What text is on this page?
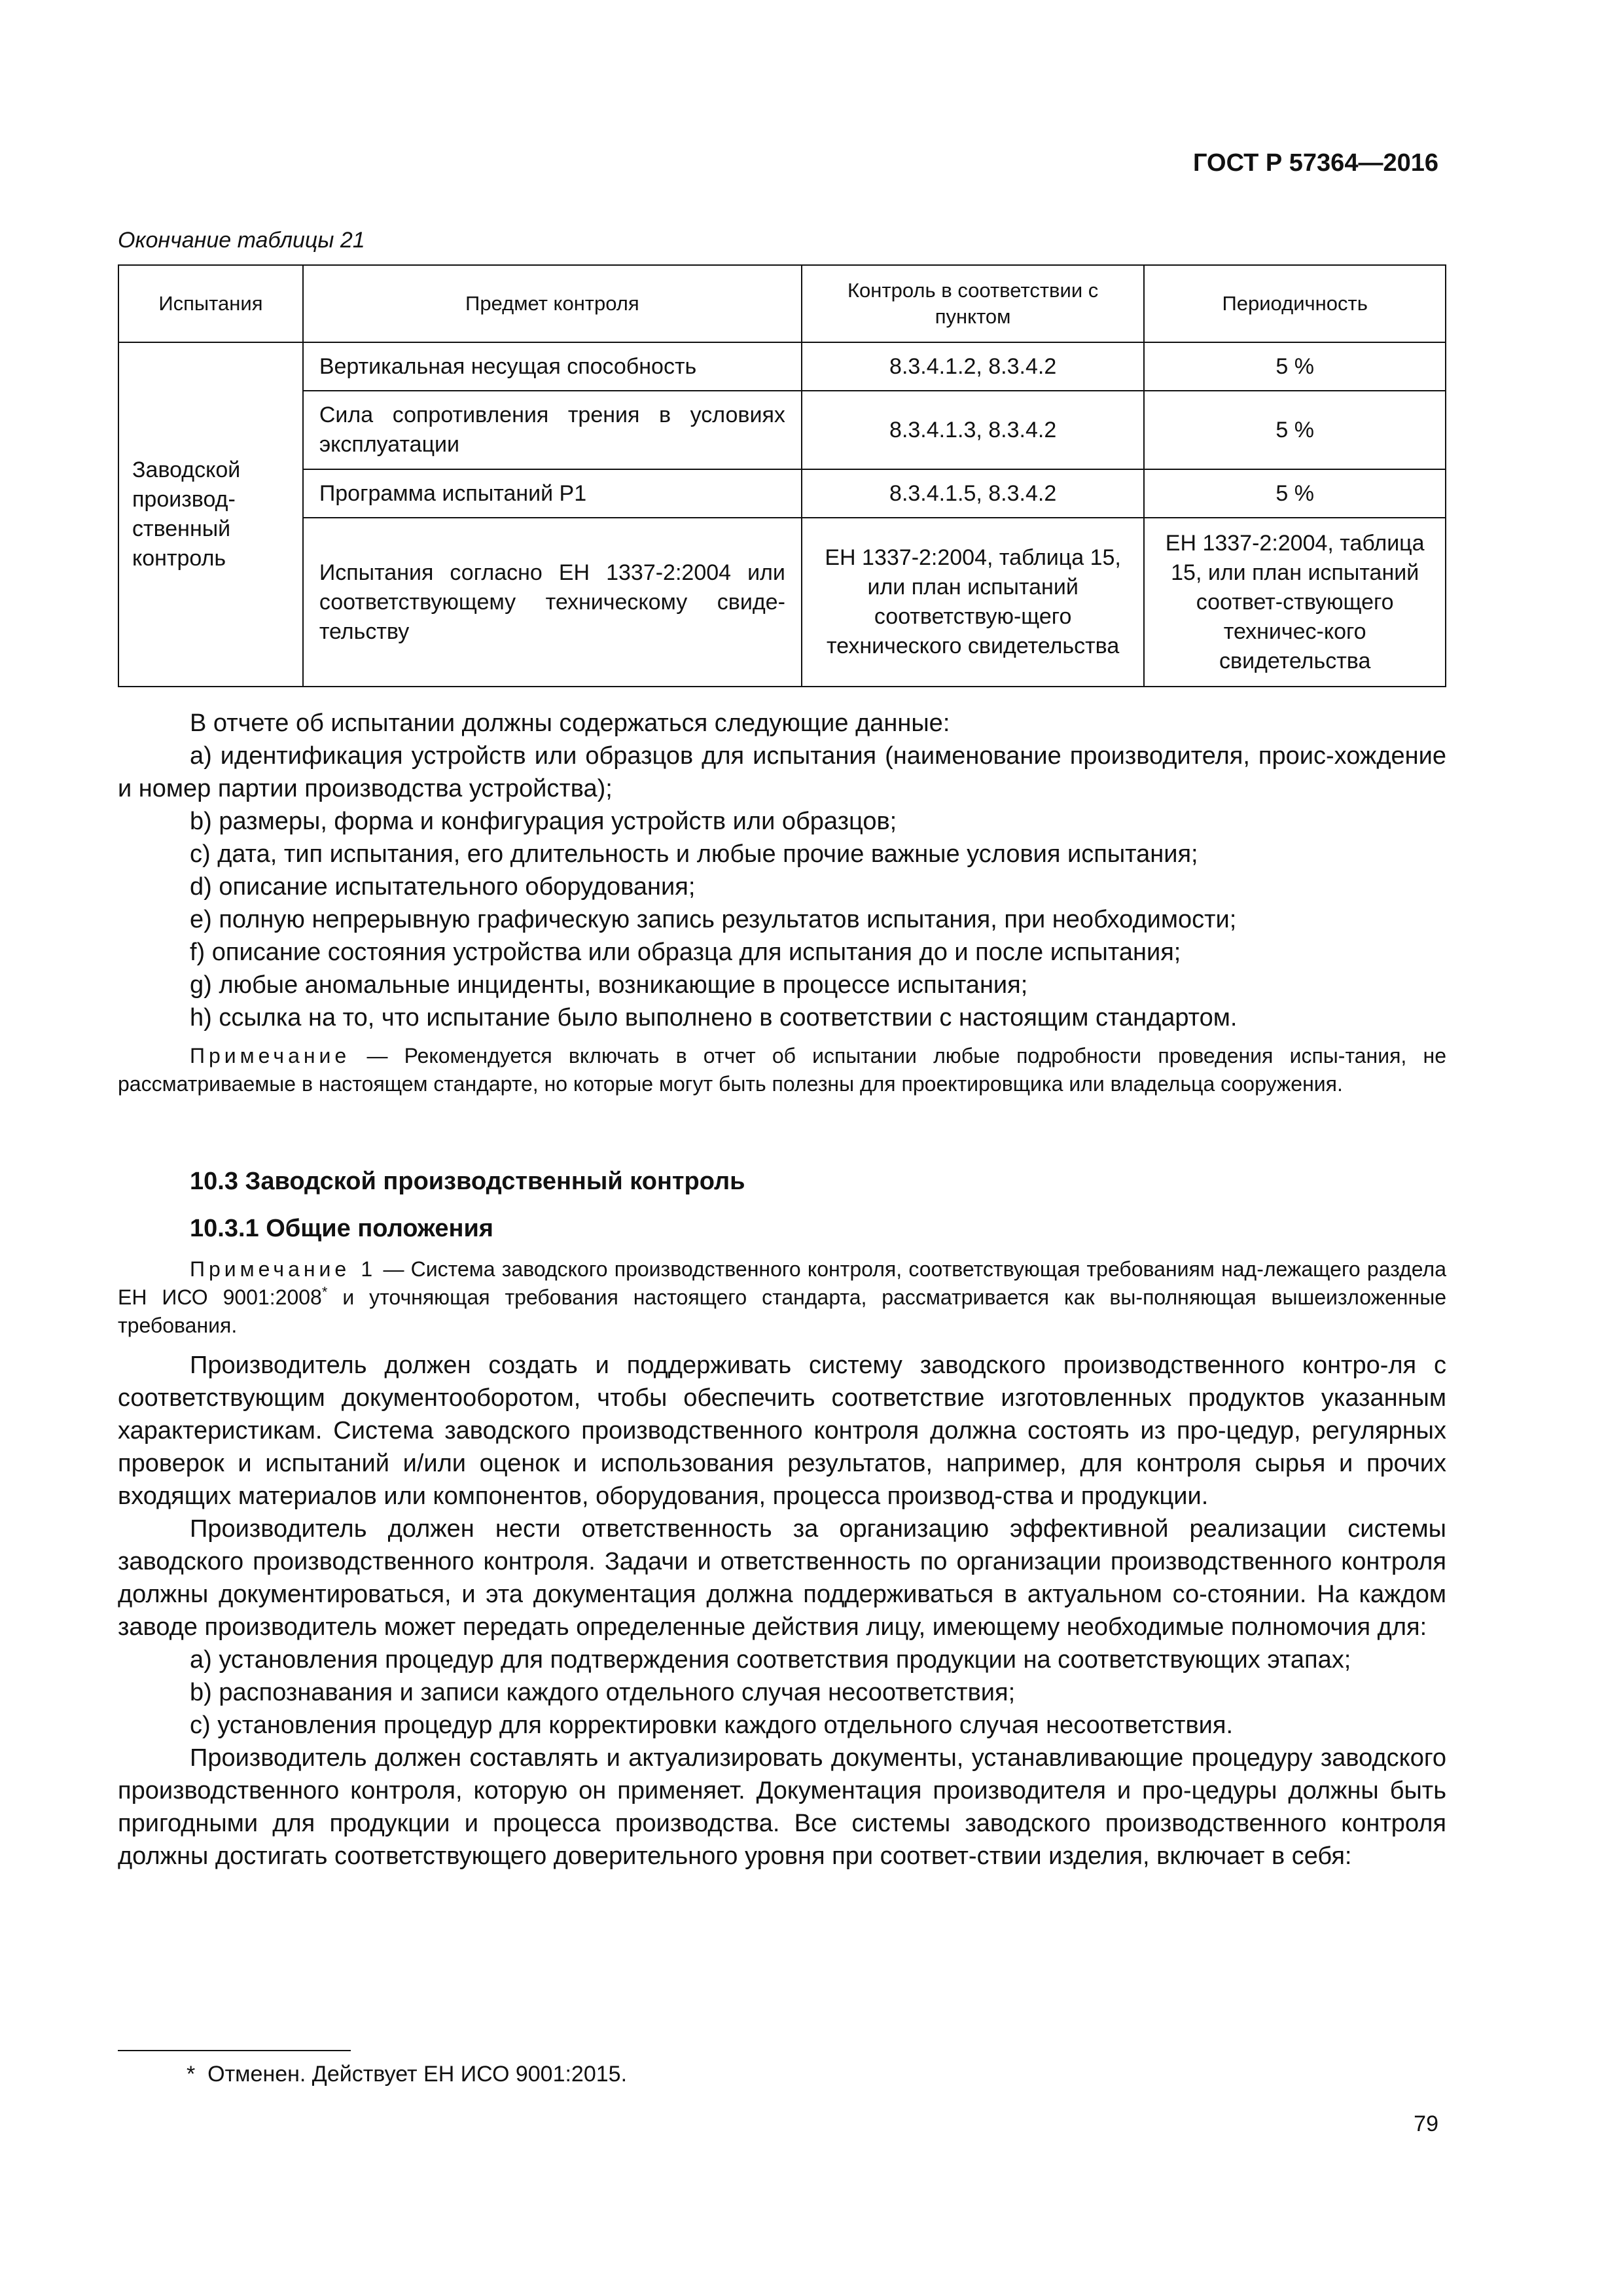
ГОСТ Р 57364—2016
Окончание таблицы 21
Испытания	Предмет контроля	Контроль в соответствии с пунктом	Периодичность
Заводской производ-ственный контроль	Вертикальная несущая способность	8.3.4.1.2, 8.3.4.2	5 %
	Сила сопротивления трения в условиях эксплуатации	8.3.4.1.3, 8.3.4.2	5 %
	Программа испытаний P1	8.3.4.1.5, 8.3.4.2	5 %
	Испытания согласно ЕН 1337-2:2004 или соответствующему техническому свиде-тельству	ЕН 1337-2:2004, таблица 15, или план испытаний соответствую-щего технического свидетельства	ЕН 1337-2:2004, таблица 15, или план испытаний соответ-ствующего техничес-кого свидетельства

В отчете об испытании должны содержаться следующие данные:

а) идентификация устройств или образцов для испытания (наименование производителя, проис-хождение и номер партии производства устройства);

b) размеры, форма и конфигурация устройств или образцов;

с) дата, тип испытания, его длительность и любые прочие важные условия испытания;

d) описание испытательного оборудования;

е) полную непрерывную графическую запись результатов испытания, при необходимости;

f) описание состояния устройства или образца для испытания до и после испытания;

g) любые аномальные инциденты, возникающие в процессе испытания;

h) ссылка на то, что испытание было выполнено в соответствии с настоящим стандартом.

Примечание — Рекомендуется включать в отчет об испытании любые подробности проведения испы-тания, не рассматриваемые в настоящем стандарте, но которые могут быть полезны для проектировщика или владельца сооружения.

10.3 Заводской производственный контроль

10.3.1 Общие положения

Примечание 1 — Система заводского производственного контроля, соответствующая требованиям над-лежащего раздела ЕН ИСО 9001:2008* и уточняющая требования настоящего стандарта, рассматривается как вы-полняющая вышеизложенные требования.

Производитель должен создать и поддерживать систему заводского производственного контро-ля с соответствующим документооборотом, чтобы обеспечить соответствие изготовленных продуктов указанным характеристикам. Система заводского производственного контроля должна состоять из про-цедур, регулярных проверок и испытаний и/или оценок и использования результатов, например, для контроля сырья и прочих входящих материалов или компонентов, оборудования, процесса производ-ства и продукции.

Производитель должен нести ответственность за организацию эффективной реализации системы заводского производственного контроля. Задачи и ответственность по организации производственного контроля должны документироваться, и эта документация должна поддерживаться в актуальном со-стоянии. На каждом заводе производитель может передать определенные действия лицу, имеющему необходимые полномочия для:

а) установления процедур для подтверждения соответствия продукции на соответствующих этапах;

b) распознавания и записи каждого отдельного случая несоответствия;

с) установления процедур для корректировки каждого отдельного случая несоответствия.

Производитель должен составлять и актуализировать документы, устанавливающие процедуру заводского производственного контроля, которую он применяет. Документация производителя и про-цедуры должны быть пригодными для продукции и процесса производства. Все системы заводского производственного контроля должны достигать соответствующего доверительного уровня при соответ-ствии изделия, включает в себя:

* Отменен. Действует ЕН ИСО 9001:2015.
79
